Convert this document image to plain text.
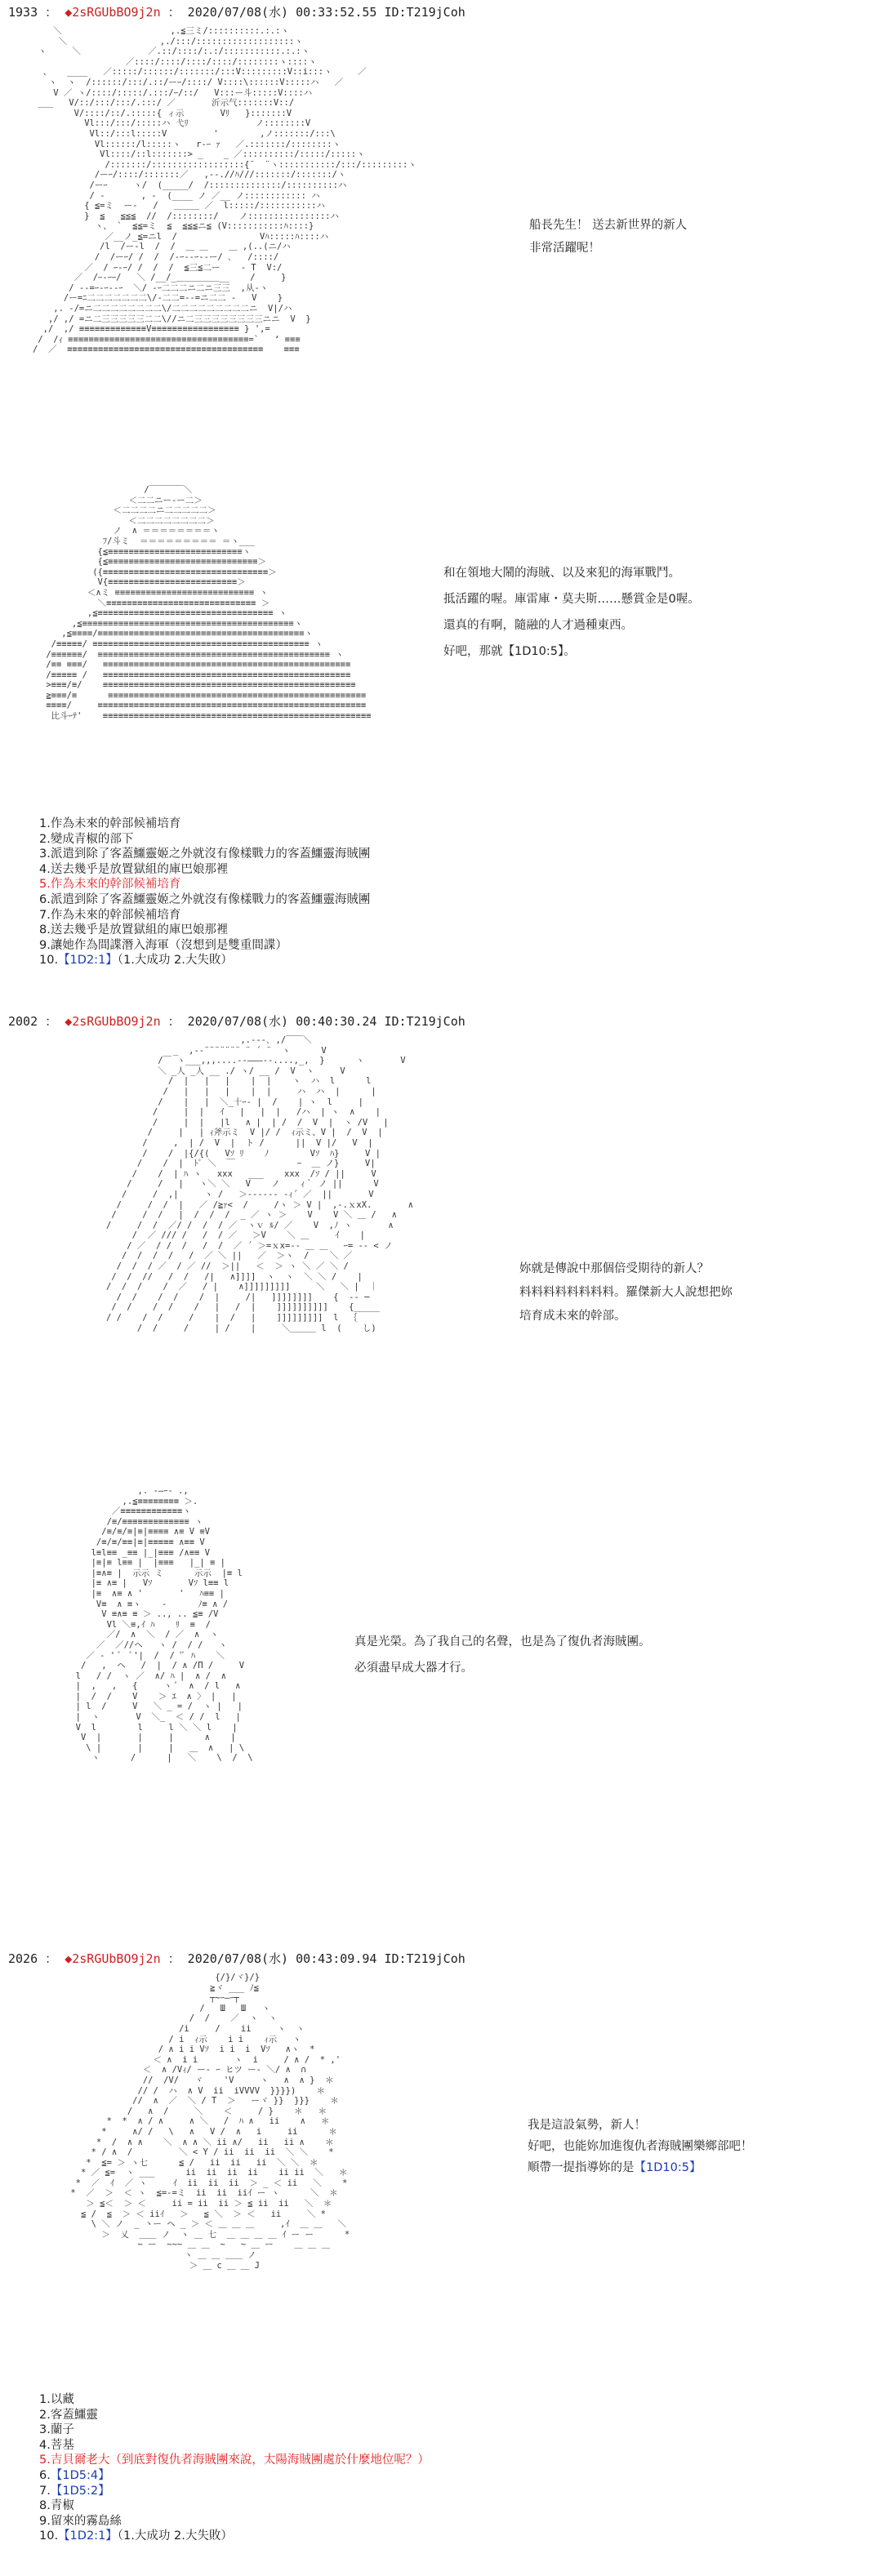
1933 ： ◆2sRGUbBO9j2n ： 2020/07/08(水) 00:33:52.55 ID:T219jCoh
＼                     ,.≦三ミ/::::::::::.:.:ヽ
＼                  ,./:::/:::::::::::::::::::ヽ
ヽ     ＼             ／.::/::::/:.:/:::::::::::.:.:ヽ
／::::/::::/::::/::::/::::::::ヽ::::ヽ
、   ____   ／:::::/::::::/:::::::/:::V:::::::::V::i:::ヽ     ／
ヽ  ヽ  /::::::/:::/.::/ーｰ/::::/ V::::\::::::V:::::ハ   ／
V ／ ヽ/::::/:::::/.:::/ｰ/::/   V:::ー斗:::::V::::ハ
___   V/::/:::/:::/.:::/ ／       沂示气:::::::V::/
V/::::/::/.:::::{ ィ示       Vﾘ   }:::::::V
Vl:::/:::/:::::ハ 弋ﾘ             ノ::::::::V
Vl::/:::l:::::V         '        ,ノ:::::::/:::\
Vl::::::/l:::::ヽ   r‐ｰ ｧ   ／.:::::::/::::::::ヽ
Vl::::/::l:::::::> _    _ ／::::::::::/:::::/:::::ヽ
/:::::::/::::::::::::::::::{¨  ¨ヽ:::::::::::/:::/:::::::::ヽ
/ーｰ/::::/:::::::／   ,-‐.//ﾊ///:::::::/:::::::/ヽ
/ーｰ     ヽ/  (_____/  /::::::::::::::/::::::::::ハ
/ ‐       , ‐  (____ ノ ／__ ノ:::::::::::: ハ
{ ≦=ミ  ー-   /   ＿＿＿ ／  l:::::/:::::::::::ハ
}  ≦   ≦≦≦  //  /::::::::/    ノ::::::::::::::::ハ
ヽ、 `  ≦≦=ミ  ≦  ≦≦≦ニ≦ (V:::::::::::ﾊ::::}
／__ノ_≦=ニl  /                Vﾊ:::::ﾊ::::ハ
/l  /ー-l  /  /  ＿ ＿    ＿ ,(..(ニ/ハ
/  /ーｰ/ /  /  /-ｰ-‐ｰ-‐ー/ ､   /::::/
／  / ｰ‐ｰ/ /  /  /  ≦三≦二ー    ‐ T  V:/
／  /ｰ-ｰｰ/   ＼ /__/_＿＿＿＿＿__    /     }
/ -‐=ｰ-ｰ-‐ｰ  ＼/ -ｰ二二二ニ二ニ三三  ,从-ヽ
/ー=ﾆ二二二二二二二\/-二二=-‐=ニ二二 ‐   V    }
,. ‐/=ニ二二二二二二二二\/二二二二二二二二二ニ  V|/ハ
,/ ,/ =ニ二三三三三三二二\//ニ二三三三三三三三三ニニ  V  }
,/  ,/ ≡≡≡≡≡≡≡≡≡≡≡≡≡V≡≡≡≡≡≡≡≡≡≡≡≡≡≡≡≡≡ } ',=
/  /ｨ ≡≡≡≡≡≡≡≡≡≡≡≡≡≡≡≡≡≡≡≡≡≡≡≡≡≡≡≡≡≡≡≡≡≡≡=`   ‘ ≡≡≡
/  ／  ≡≡≡≡≡≡≡≡≡≡≡≡≡≡≡≡≡≡≡≡≡≡≡≡≡≡≡≡≡≡≡≡≡≡≡≡≡≡    ≡≡≡

船長先生！ 送去新世界的新人
非常活躍呢！
/￣￣￣￣＼
＜二二ニー‐ー二＞
＜二二二二ニ二二二二二＞
＜二二二二二二二二＞
ノ  ∧ ＝＝＝＝＝＝＝＝ヽ
ﾌ/斗ミ  ＝＝＝＝＝＝＝＝＝ ＝ヽ___
{≦≡≡≡≡≡≡≡≡≡≡≡≡≡≡≡≡≡≡≡≡≡≡≡≡≡≡ヽ
{≦≡≡≡≡≡≡≡≡≡≡≡≡≡≡≡≡≡≡≡≡≡≡≡≡≡≡≡≡≡＞
({≡≡≡≡≡≡≡≡≡≡≡≡≡≡≡≡≡≡≡≡≡≡≡≡≡≡≡≡≡≡≡≡＞
V{≡≡≡≡≡≡≡≡≡≡≡≡≡≡≡≡≡≡≡≡≡≡≡≡≡＞
＜∧ミ ≡≡≡≡≡≡≡≡≡≡≡≡≡≡≡≡≡≡≡≡≡≡≡≡≡≡≡ ヽ
＼≡≡≡≡≡≡≡≡≡≡≡≡≡≡≡≡≡≡≡≡≡≡≡≡≡≡≡≡≡ ＞
,≦≡≡≡≡≡≡≡≡≡≡≡≡≡≡≡≡≡≡≡≡≡≡≡≡≡≡≡≡≡≡≡≡≡≡ ヽ
,≦≡≡≡≡≡≡≡≡≡≡≡≡≡≡≡≡≡≡≡≡≡≡≡≡≡≡≡≡≡≡≡≡≡≡≡≡≡≡≡≡≡ヽ
,≦≡≡≡≡/≡≡≡≡≡≡≡≡≡≡≡≡≡≡≡≡≡≡≡≡≡≡≡≡≡≡≡≡≡≡≡≡≡≡≡≡≡≡≡≡ヽ
/≡≡≡≡≡/ ≡≡≡≡≡≡≡≡≡≡≡≡≡≡≡≡≡≡≡≡≡≡≡≡≡≡≡≡≡≡≡≡≡≡≡≡≡≡≡≡≡≡ ヽ
/≡≡≡≡≡≡/  ≡≡≡≡≡≡≡≡≡≡≡≡≡≡≡≡≡≡≡≡≡≡≡≡≡≡≡≡≡≡≡≡≡≡≡≡≡≡≡≡≡≡≡≡≡ ヽ
/≡≡ ≡≡≡/   ≡≡≡≡≡≡≡≡≡≡≡≡≡≡≡≡≡≡≡≡≡≡≡≡≡≡≡≡≡≡≡≡≡≡≡≡≡≡≡≡≡≡≡≡≡≡≡≡
/≡≡≡≡≡ /   ≡≡≡≡≡≡≡≡≡≡≡≡≡≡≡≡≡≡≡≡≡≡≡≡≡≡≡≡≡≡≡≡≡≡≡≡≡≡≡≡≡≡≡≡≡≡≡≡
>≡≡≡/≡/    ≡≡≡≡≡≡≡≡≡≡≡≡≡≡≡≡≡≡≡≡≡≡≡≡≡≡≡≡≡≡≡≡≡≡≡≡≡≡≡≡≡≡≡≡≡≡≡≡≡
≧≡≡≡/≡      ≡≡≡≡≡≡≡≡≡≡≡≡≡≡≡≡≡≡≡≡≡≡≡≡≡≡≡≡≡≡≡≡≡≡≡≡≡≡≡≡≡≡≡≡≡≡≡≡≡≡
≡≡≡≡/     ≡≡≡≡≡≡≡≡≡≡≡≡≡≡≡≡≡≡≡≡≡≡≡≡≡≡≡≡≡≡≡≡≡≡≡≡≡≡≡≡≡≡≡≡≡≡≡≡≡≡≡≡
比斗ｰﾃ'    ≡≡≡≡≡≡≡≡≡≡≡≡≡≡≡≡≡≡≡≡≡≡≡≡≡≡≡≡≡≡≡≡≡≡≡≡≡≡≡≡≡≡≡≡≡≡≡≡≡≡≡≡

和在領地大鬧的海賊、以及來犯的海軍戰鬥。
抵活躍的喔。庫雷庫・莫夫斯……懸賞金是0喔。
還真的有啊，隨融的人才過種東西。
好吧，那就【1D10:5】。
1.作為未來的幹部候補培育
2.變成青椒的部下
3.派遣到除了客蓋鱷靈姬之外就沒有像樣戰力的客蓋鱷靈海賊團
4.送去幾乎是放置獄組的庫巴娘那裡
5.作為未來的幹部候補培育
6.派遣到除了客蓋鱷靈姬之外就沒有像樣戰力的客蓋鱷靈海賊團
7.作為未來的幹部候補培育
8.送去幾乎是放置獄組的庫巴娘那裡
9.讓她作為間諜潛入海軍（沒想到是雙重間諜）
10.【1D2:1】（1.大成功 2.大失敗）
2002 ： ◆2sRGUbBO9j2n ： 2020/07/08(水) 00:40:30.24 ID:T219jCoh
,.-‐-､ ,/￣￣＼
_  ,-‐¨¨¨¨¨¨¨ ¨ ´ ¨  ヽ      V
/￣ ヽ___,,,....--―――--....,_,  }      ヽ       V
＼ _人 _人 __ ./ ヽ/ __ /  V  ヽ     V
/  |   |   |    |  |    ヽ  ハ  l      l
/   |   |   |    |  |     ハ  ハ  |      |
/    |   |  ＼_十ｰ- |  /    | ヽ  l     |
/     |  |   ｲ   |   |  |   /ハ  | ヽ  ∧    |
/     |  |   |l   ∧ |  | /  /  V  |  ヽ /V   |
/     |   | ｨ斧示ミ  V |/ /  ｨ示ミ、V |  /  V  |
/     ,  | /  V  |  ト /      ||  V |/   V  |
/    /  |{/{(   Vｿ ﾘ    ﾉ        Vｿ  ﾊ}     V |
/    /  |  ﾄﾟ ＼  ￣            ｰ  ＿ ノ}     V|
/    /  | ﾊ ヽ   xxx   ___    xxx  /ｿ / ||     V
/     /   |   ヽ＼ ＼   V    ノ    ｨ｀ ノ ||      V
/     /  ,|     ヽ /   ＞‐‐--‐‐ -ｨ´ ／  ||       V
/     /  /  |   ／ /≧ｧ<  /     /ヽ ＞ V |  ,-.ｘxX.       ∧
/     /  /   |  /  /  /  _ ／ ヽ ＞    V    V ＼ ＿ /   ∧
/     /  /  ／/ /  /  / ／  ヽｖ ﾙ/ ／    V  ,ﾉ ヽ       ∧
/  ／ /// /   /  / ／   ＞V    ＼ ＿     ｲ    |
/ ／  / /  /   /  /  ／ ´ ＞=ｘx=-- ＿ ＿   ｰ= ‐‐ < ノ
/  /  /  /   /  ／ ＼ ||   ／  ＞ヽ  /    ＼ ／
/  /  / ／  / ／ //  ＞||   ＜  ＞ ヽ ＼ ／ ＼ /
/  /  //   /  /   /|   ∧]]]]  ヽ  ヽ  ＼ ＼ /    |
/  /  /    /  ／   / |    ∧]]]]]]]]]     ＼   ＼ |  ｜
/  /    /  /    /  |     /|   ]]]]]]]]    {  ‐‐ ─
/  /    /  /    /   |   /  |    ]]]]]]]]]]    {_____
/ /    /  /     /    |  /   |    ]]]]]]]]]  l  ｛
/  /     /     | /    |     ＼＿＿＿ l  (    し)

妳就是傳說中那個倍受期待的新人？
料料料料料料料料。羅傑新大人說想把妳
培育成未來的幹部。
,. -―ｰ- .,
,.≦≡≡≡≡≡≡≡≡ ＞.
／≡≡≡≡≡≡≡≡≡≡≡≡ヽ
/≡/≡≡≡≡≡≡≡≡≡≡≡≡≡ ヽ
/≡/≡/≡|≡|≡≡≡≡ ∧≡ V ≡V
/≡/≡/≡≡|≡|≡≡≡≡≡ ∧≡≡ V
l≡l≡≡ _≡≡ |_|≡≡≡ /∧≡≡ V
|≡|≡ l≡≡ |  |≡≡≡   |_| ≡ |
|≡∧≡ |  示示 ミ      示示  |≡ l
|≡ ∧≡ |   Vｿ       Vｿ l≡≡ l
|≡  ∧≡ ∧ '       '   ﾊ≡≡ |
V≡  ∧ ≡ヽ    -      ﾉ≡ ∧ /
V ≡∧≡ ≡ ＞ .., .. ≦≡ /V
Vl ＼≡,ｲ ﾊ    ﾘ  ≡  /
／/  ∧  ＼  / ／  ∧  ヽ
／  ／//ヘ   ヽ /  / /   ヽ
／ ‐ ' ﾞ  ﾟ'|  /  / 'ﾞ ﾊ    ＼
/   ,  ヘ   /  |  / ∧ /Π /     V
l   / /  ヽ ／  ∧/ ﾊ |  ∧ /  ∧
|  ,   ,   {     ヽ ﾟ  ∧  / l   ∧
|  /  /    V    ＞ ｴ  ∧ 〉 |   |
| l  /     V   ＼ _ = /  ヽ |   |
|  ヽ       V  ＼_  ＜ / /  l   |
V  l        l     l ＼ ＼ l    |
V  |       |     |      ∧    |
\ |       |     |   ＿  ∧   | \
ヽ      /      |   ＼    \  /  \

真是光榮。為了我自己的名聲，也是為了復仇者海賊團。
必須盡早成大器才行。
2026 ： ◆2sRGUbBO9j2n ： 2020/07/08(水) 00:43:09.94 ID:T219jCoh
{/}/ヾ}/}
≧ヾ ___ ﾉ≦
┬~ｰ―ｰ┬
/   Ш   Ш   ヽ
/  /    ／  ヽ  ヽ
/i     /    ii     ヽ  ヽ
/ i  ｨ示    i i    ｨ示   ヽ
/ ∧ i i Vｿ  i i  i  Vｿ   ∧ヽ  *
＜ ∧  i i       ヽ  i     / ∧ /  * ,'
＜  ∧ /Vｨ/ ー- ｰ ヒツ ー- ＼/ ∧  ∩
//  /V/   ヾ    'V     ヽ   ∧  ∧ }  ＊
// /  ハ  ∧ V  ii  iVVVV  }}}})    ＊
//  ∧  ／  ＼ / T  ＞   ーヾ }}  }}}    ＊
/   ∧  /     ＼    ＜     / }    ＊   ＊
*  *  ∧ / ∧     ∧ ＼   /  ﾊ ∧   ii    ∧   ＊
*     ∧/ /   \   ∧   V /  ∧   i     ii      ＊
*  /  ∧ ∧    ＼  ∧ ∧ ＼ ii ∧/   ii   ii ∧    ＊
* / ∧  /         ＼ < Y / ii  ii  ii  ＼ ＼    *
*  ≦= ＞ ヽ七      ≦ /   ii  ii   ii  ＼ ＼  ＊
* ／ ≦=  ヽ ___      ii  ii  ii  ii    ii ii  ＼   ＊
*  ／  ｲ  ／ ヽ     ｲ  ii  ii  ii  ＞ _ ＜ ii   ＼    *
*  ／  ＞  ＜ ヽ  ≦=-=ミ  ii  ii  iiｲ ー ヽ      ＼  ＊
＞ ≦＜  ＞ ＜     ii = ii  ii ＞ ≦ ii  ii   ＼  ＊
≦ /  ≦  ＞ ＜ iiｲ   ＞   ≦ ＼  ＞ ＜   ii     ＼ *
\ ＼ ノ  _ 丶ー ヘ _ ＞ ＜ ＿ ＿ ＿     ,ｲ  ＿ ＿   ＼
＞  乂  ＿＿ ノ  ヽ ＿ 七  ＿ ＿ ＿ ＿ ｲ ー ー      *
~ ー  ~~~ ＿ ＿  ~   ~ ＿ ー    ＿ ＿ ＿
ヽ ＿ ＿ ＿＿ ノ
＞ ＿ c ＿ ＿ J

我是這設氣勢，新人！
好吧，也能妳加進復仇者海賊團樂鄉部吧！
順帶一提指導妳的是【1D10:5】
1.以藏
2.客蓋鱷靈
3.蘭子
4.菩基
5.吉貝爾老大（到底對復仇者海賊團來說，太陽海賊團處於什麼地位呢？）
6.【1D5:4】
7.【1D5:2】
8.青椒
9.留來的霧島絲
10.【1D2:1】（1.大成功 2.大失敗）
